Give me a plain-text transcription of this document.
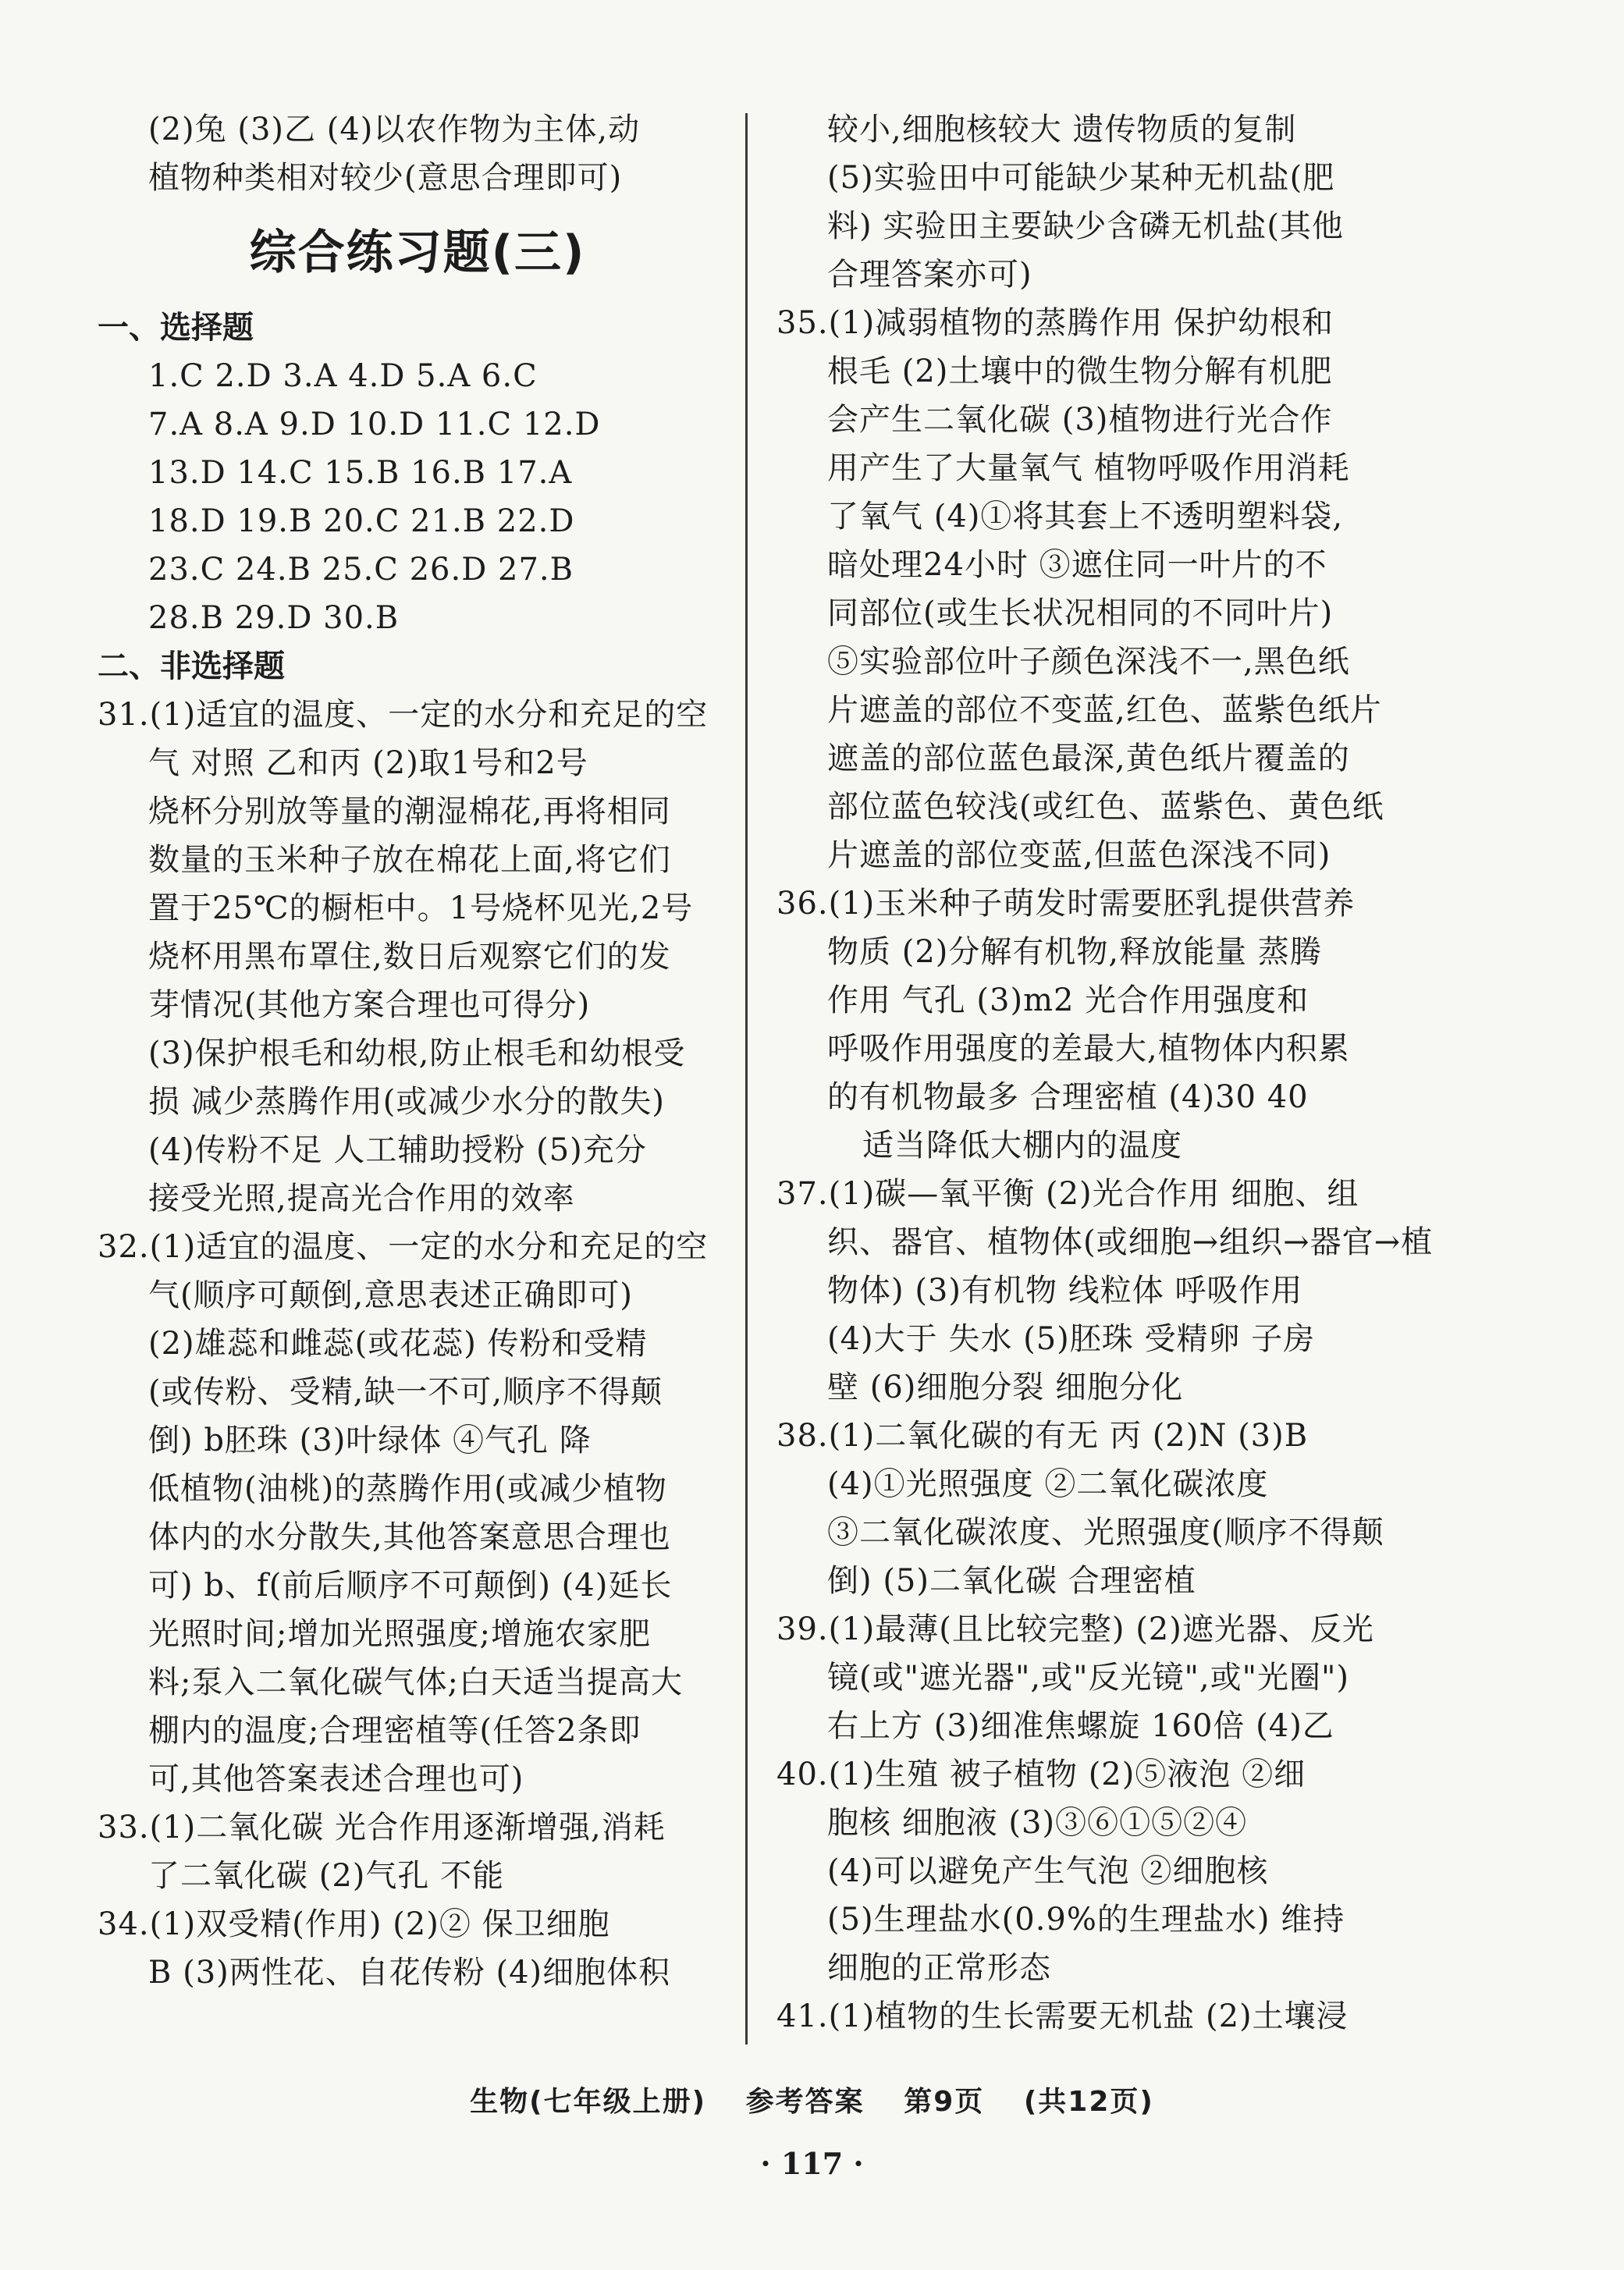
(2)兔 (3)乙 (4)以农作物为主体,动
植物种类相对较少(意思合理即可)
综合练习题(三)
一、选择题
1.C 2.D 3.A 4.D 5.A 6.C
7.A 8.A 9.D 10.D 11.C 12.D
13.D 14.C 15.B 16.B 17.A
18.D 19.B 20.C 21.B 22.D
23.C 24.B 25.C 26.D 27.B
28.B 29.D 30.B
二、非选择题
31.(1)适宜的温度、一定的水分和充足的空
气 对照 乙和丙 (2)取1号和2号
烧杯分别放等量的潮湿棉花,再将相同
数量的玉米种子放在棉花上面,将它们
置于25℃的橱柜中。1号烧杯见光,2号
烧杯用黑布罩住,数日后观察它们的发
芽情况(其他方案合理也可得分)
(3)保护根毛和幼根,防止根毛和幼根受
损 减少蒸腾作用(或减少水分的散失)
(4)传粉不足 人工辅助授粉 (5)充分
接受光照,提高光合作用的效率
32.(1)适宜的温度、一定的水分和充足的空
气(顺序可颠倒,意思表述正确即可)
(2)雄蕊和雌蕊(或花蕊) 传粉和受精
(或传粉、受精,缺一不可,顺序不得颠
倒) b胚珠 (3)叶绿体 ④气孔 降
低植物(油桃)的蒸腾作用(或减少植物
体内的水分散失,其他答案意思合理也
可) b、f(前后顺序不可颠倒) (4)延长
光照时间;增加光照强度;增施农家肥
料;泵入二氧化碳气体;白天适当提高大
棚内的温度;合理密植等(任答2条即
可,其他答案表述合理也可)
33.(1)二氧化碳 光合作用逐渐增强,消耗
了二氧化碳 (2)气孔 不能
34.(1)双受精(作用) (2)② 保卫细胞
B (3)两性花、自花传粉 (4)细胞体积
较小,细胞核较大 遗传物质的复制
(5)实验田中可能缺少某种无机盐(肥
料) 实验田主要缺少含磷无机盐(其他
合理答案亦可)
35.(1)减弱植物的蒸腾作用 保护幼根和
根毛 (2)土壤中的微生物分解有机肥
会产生二氧化碳 (3)植物进行光合作
用产生了大量氧气 植物呼吸作用消耗
了氧气 (4)①将其套上不透明塑料袋,
暗处理24小时 ③遮住同一叶片的不
同部位(或生长状况相同的不同叶片)
⑤实验部位叶子颜色深浅不一,黑色纸
片遮盖的部位不变蓝,红色、蓝紫色纸片
遮盖的部位蓝色最深,黄色纸片覆盖的
部位蓝色较浅(或红色、蓝紫色、黄色纸
片遮盖的部位变蓝,但蓝色深浅不同)
36.(1)玉米种子萌发时需要胚乳提供营养
物质 (2)分解有机物,释放能量 蒸腾
作用 气孔 (3)m2 光合作用强度和
呼吸作用强度的差最大,植物体内积累
的有机物最多 合理密植 (4)30 40
适当降低大棚内的温度
37.(1)碳—氧平衡 (2)光合作用 细胞、组
织、器官、植物体(或细胞→组织→器官→植
物体) (3)有机物 线粒体 呼吸作用
(4)大于 失水 (5)胚珠 受精卵 子房
壁 (6)细胞分裂 细胞分化
38.(1)二氧化碳的有无 丙 (2)N (3)B
(4)①光照强度 ②二氧化碳浓度
③二氧化碳浓度、光照强度(顺序不得颠
倒) (5)二氧化碳 合理密植
39.(1)最薄(且比较完整) (2)遮光器、反光
镜(或"遮光器",或"反光镜",或"光圈")
右上方 (3)细准焦螺旋 160倍 (4)乙
40.(1)生殖 被子植物 (2)⑤液泡 ②细
胞核 细胞液 (3)③⑥①⑤②④
(4)可以避免产生气泡 ②细胞核
(5)生理盐水(0.9%的生理盐水) 维持
细胞的正常形态
41.(1)植物的生长需要无机盐 (2)土壤浸
生物(七年级上册) 参考答案 第9页 (共12页)
· 117 ·
